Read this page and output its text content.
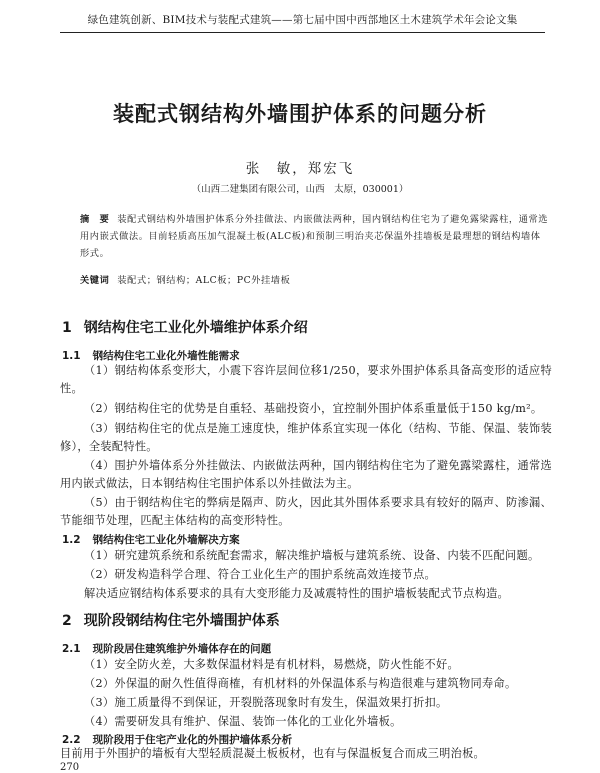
绿色建筑创新、BIM技术与装配式建筑——第七届中国中西部地区土木建筑学术年会论文集
装配式钢结构外墙围护体系的问题分析
张　敏，郑宏飞
（山西二建集团有限公司，山西　太原，030001）
摘　要 装配式钢结构外墙围护体系分外挂做法、内嵌做法两种，国内钢结构住宅为了避免露梁露柱，通常选用内嵌式做法。目前轻质高压加气混凝土板(ALC板)和预制三明治夹芯保温外挂墙板是最理想的钢结构墙体形式。
关键词 装配式；钢结构；ALC板；PC外挂墙板
1 钢结构住宅工业化外墙维护体系介绍
1.1 钢结构住宅工业化外墙性能需求
（1）钢结构体系变形大，小震下容许层间位移1/250，要求外围护体系具备高变形的适应特性。
（2）钢结构住宅的优势是自重轻、基础投资小，宜控制外围护体系重量低于150 kg/m²。
（3）钢结构住宅的优点是施工速度快，维护体系宜实现一体化（结构、节能、保温、装饰装修），全装配特性。
（4）围护外墙体系分外挂做法、内嵌做法两种，国内钢结构住宅为了避免露梁露柱，通常选用内嵌式做法，日本钢结构住宅围护体系以外挂做法为主。
（5）由于钢结构住宅的弊病是隔声、防火，因此其外围体系要求具有较好的隔声、防渗漏、节能细节处理，匹配主体结构的高变形特性。
1.2 钢结构住宅工业化外墙解决方案
（1）研究建筑系统和系统配套需求，解决维护墙板与建筑系统、设备、内装不匹配问题。
（2）研发构造科学合理、符合工业化生产的围护系统高效连接节点。
解决适应钢结构体系要求的具有大变形能力及减震特性的围护墙板装配式节点构造。
2 现阶段钢结构住宅外墙围护体系
2.1 现阶段居住建筑维护外墙体存在的问题
（1）安全防火差，大多数保温材料是有机材料，易燃烧，防火性能不好。
（2）外保温的耐久性值得商榷，有机材料的外保温体系与构造很难与建筑物同寿命。
（3）施工质量得不到保证，开裂脱落现象时有发生，保温效果打折扣。
（4）需要研发具有维护、保温、装饰一体化的工业化外墙板。
2.2 现阶段用于住宅产业化的外围护墙体系分析
目前用于外围护的墙板有大型轻质混凝土板板材，也有与保温板复合而成三明治板。
270
